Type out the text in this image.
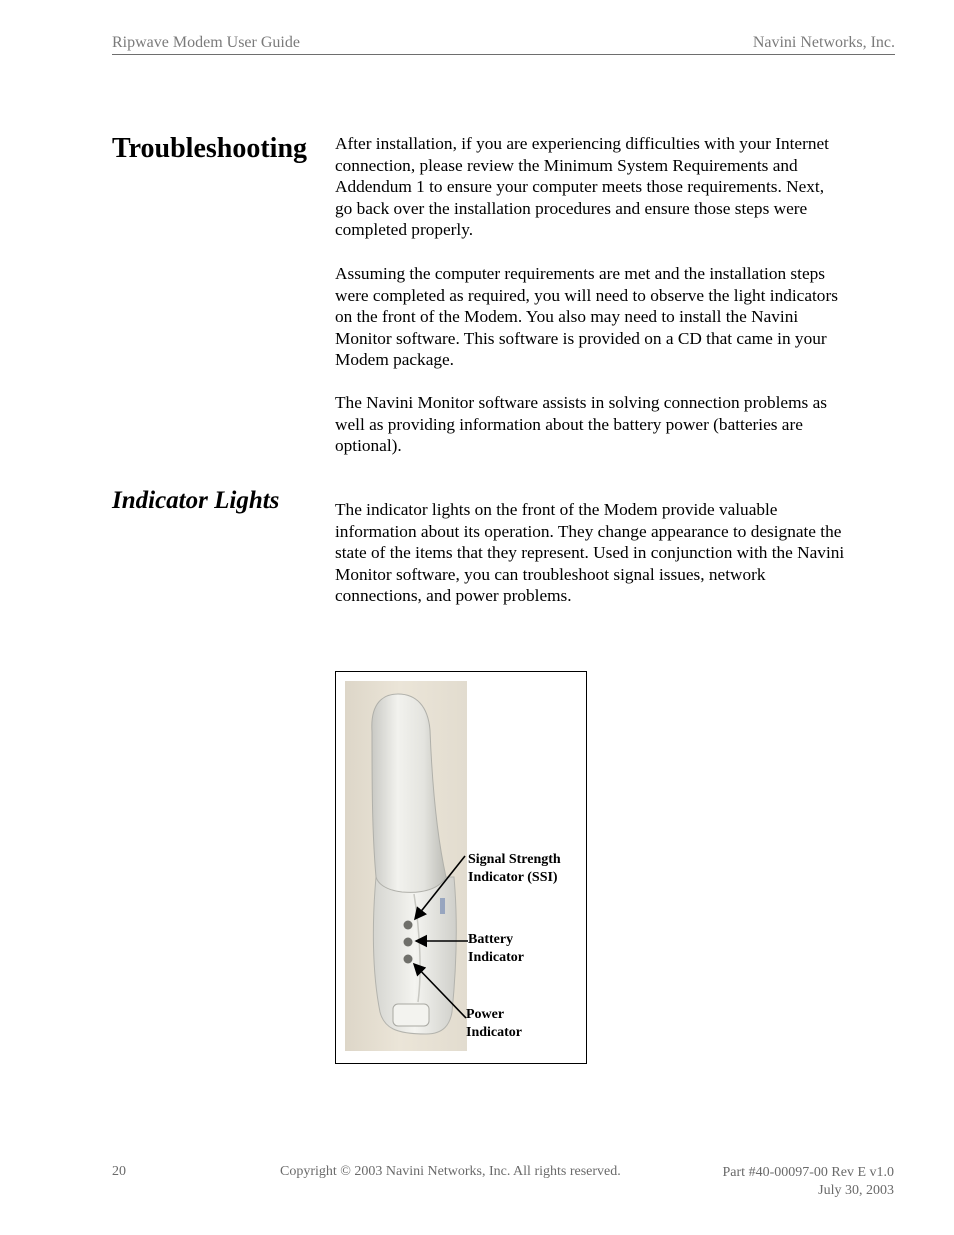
Ripwave Modem User Guide	Navini Networks, Inc.
Troubleshooting After installation, if you are experiencing difficulties with your Internet connection, please review the Minimum System Requirements and Addendum 1 to ensure your computer meets those requirements. Next, go back over the installation procedures and ensure those steps were completed properly.

Assuming the computer requirements are met and the installation steps were completed as required, you will need to observe the light indicators on the front of the Modem. You also may need to install the Navini Monitor software. This software is provided on a CD that came in your Modem package.

The Navini Monitor software assists in solving connection problems as well as providing information about the battery power (batteries are optional).

Indicator Lights	The indicator lights on the front of the Modem provide valuable information about its operation. They change appearance to designate the state of the items that they represent. Used in conjunction with the Navini Monitor software, you can troubleshoot signal issues, network connections, and power problems.

Signal Strength
Indicator (SSI)
Battery
Indicator
Power
Indicator
20	Copyright © 2003 Navini Networks, Inc. All rights reserved.	Part #40-00097-00 Rev E v1.0
July 30, 2003
